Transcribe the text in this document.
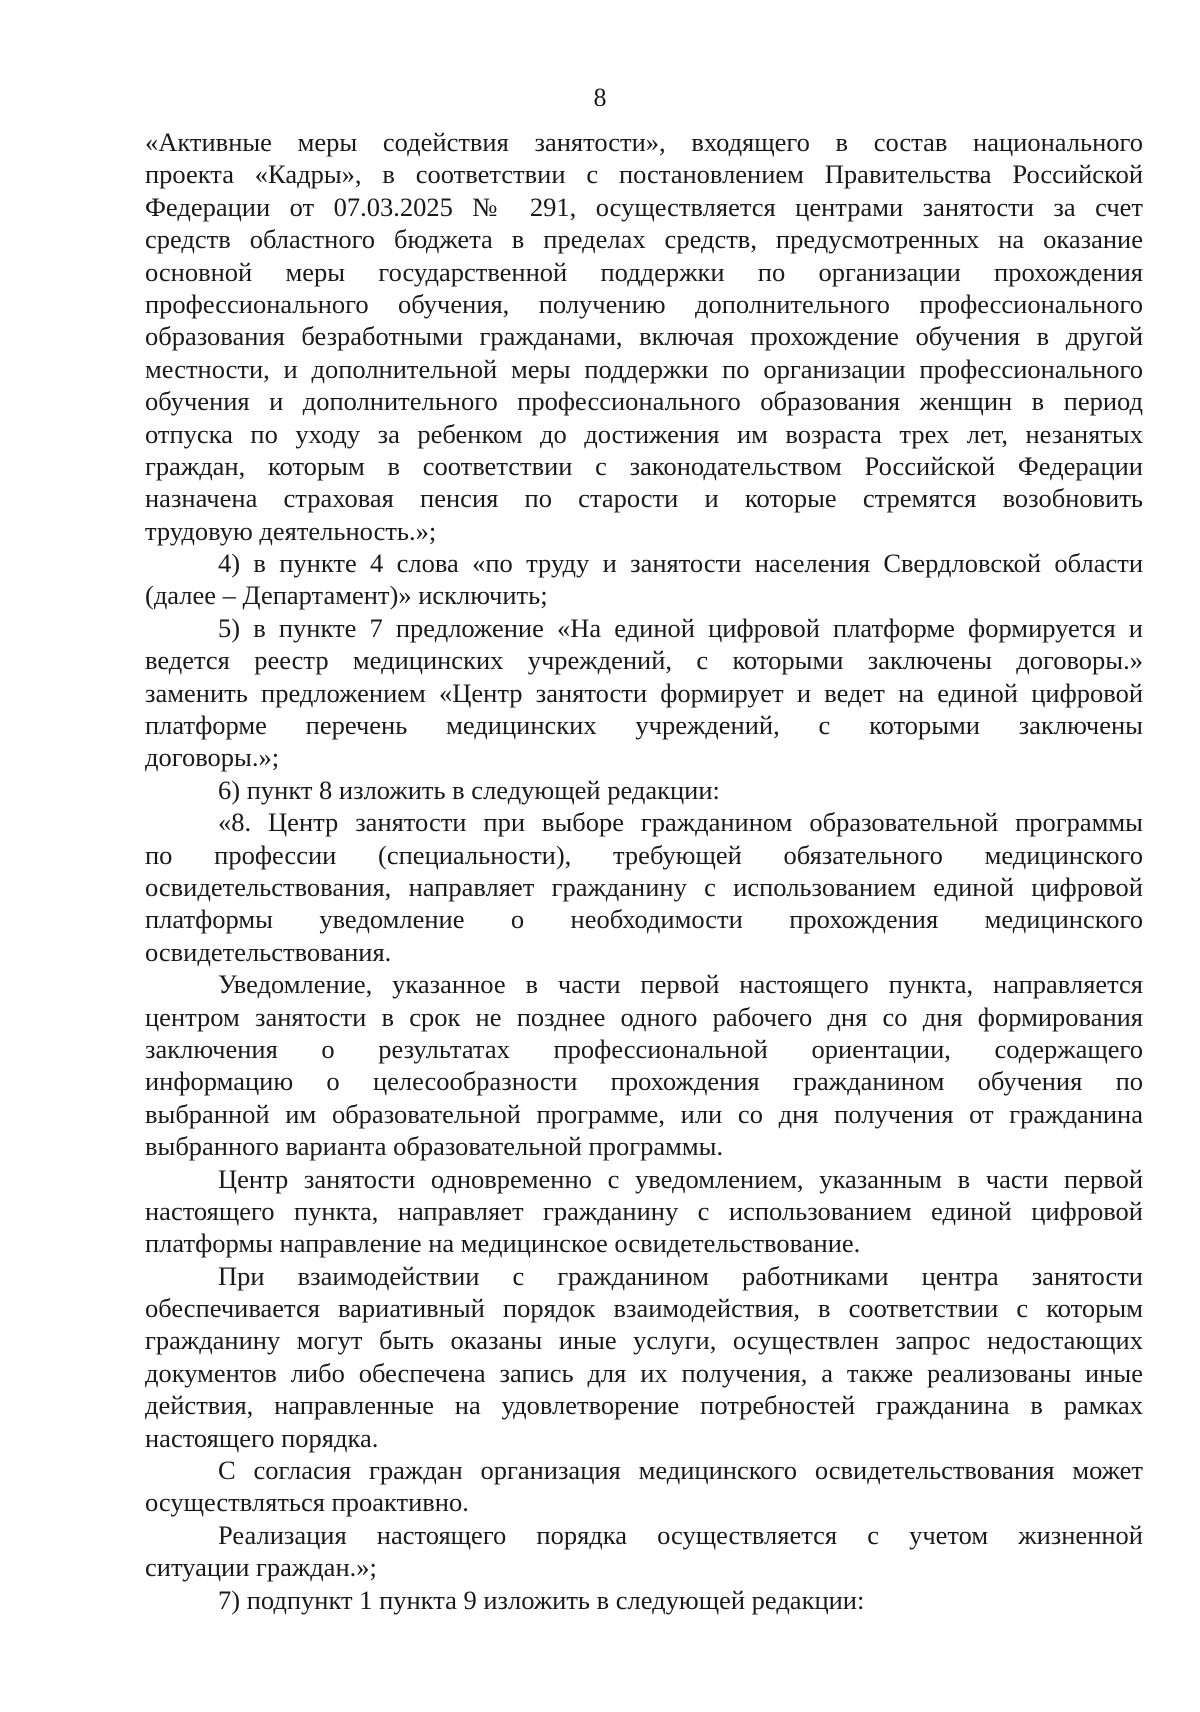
8
«Активные меры содействия занятости», входящего в состав национального
проекта «Кадры», в соответствии с постановлением Правительства Российской
Федерации от 07.03.2025 № 291, осуществляется центрами занятости за счет
средств областного бюджета в пределах средств, предусмотренных на оказание
основной меры государственной поддержки по организации прохождения
профессионального обучения, получению дополнительного профессионального
образования безработными гражданами, включая прохождение обучения в другой
местности, и дополнительной меры поддержки по организации профессионального
обучения и дополнительного профессионального образования женщин в период
отпуска по уходу за ребенком до достижения им возраста трех лет, незанятых
граждан, которым в соответствии с законодательством Российской Федерации
назначена страховая пенсия по старости и которые стремятся возобновить
трудовую деятельность.»;
4) в пункте 4 слова «по труду и занятости населения Свердловской области
(далее – Департамент)» исключить;
5) в пункте 7 предложение «На единой цифровой платформе формируется и
ведется реестр медицинских учреждений, с которыми заключены договоры.»
заменить предложением «Центр занятости формирует и ведет на единой цифровой
платформе перечень медицинских учреждений, с которыми заключены
договоры.»;
6) пункт 8 изложить в следующей редакции:
«8. Центр занятости при выборе гражданином образовательной программы
по профессии (специальности), требующей обязательного медицинского
освидетельствования, направляет гражданину с использованием единой цифровой
платформы уведомление о необходимости прохождения медицинского
освидетельствования.
Уведомление, указанное в части первой настоящего пункта, направляется
центром занятости в срок не позднее одного рабочего дня со дня формирования
заключения о результатах профессиональной ориентации, содержащего
информацию о целесообразности прохождения гражданином обучения по
выбранной им образовательной программе, или со дня получения от гражданина
выбранного варианта образовательной программы.
Центр занятости одновременно с уведомлением, указанным в части первой
настоящего пункта, направляет гражданину с использованием единой цифровой
платформы направление на медицинское освидетельствование.
При взаимодействии с гражданином работниками центра занятости
обеспечивается вариативный порядок взаимодействия, в соответствии с которым
гражданину могут быть оказаны иные услуги, осуществлен запрос недостающих
документов либо обеспечена запись для их получения, а также реализованы иные
действия, направленные на удовлетворение потребностей гражданина в рамках
настоящего порядка.
С согласия граждан организация медицинского освидетельствования может
осуществляться проактивно.
Реализация настоящего порядка осуществляется с учетом жизненной
ситуации граждан.»;
7) подпункт 1 пункта 9 изложить в следующей редакции:
